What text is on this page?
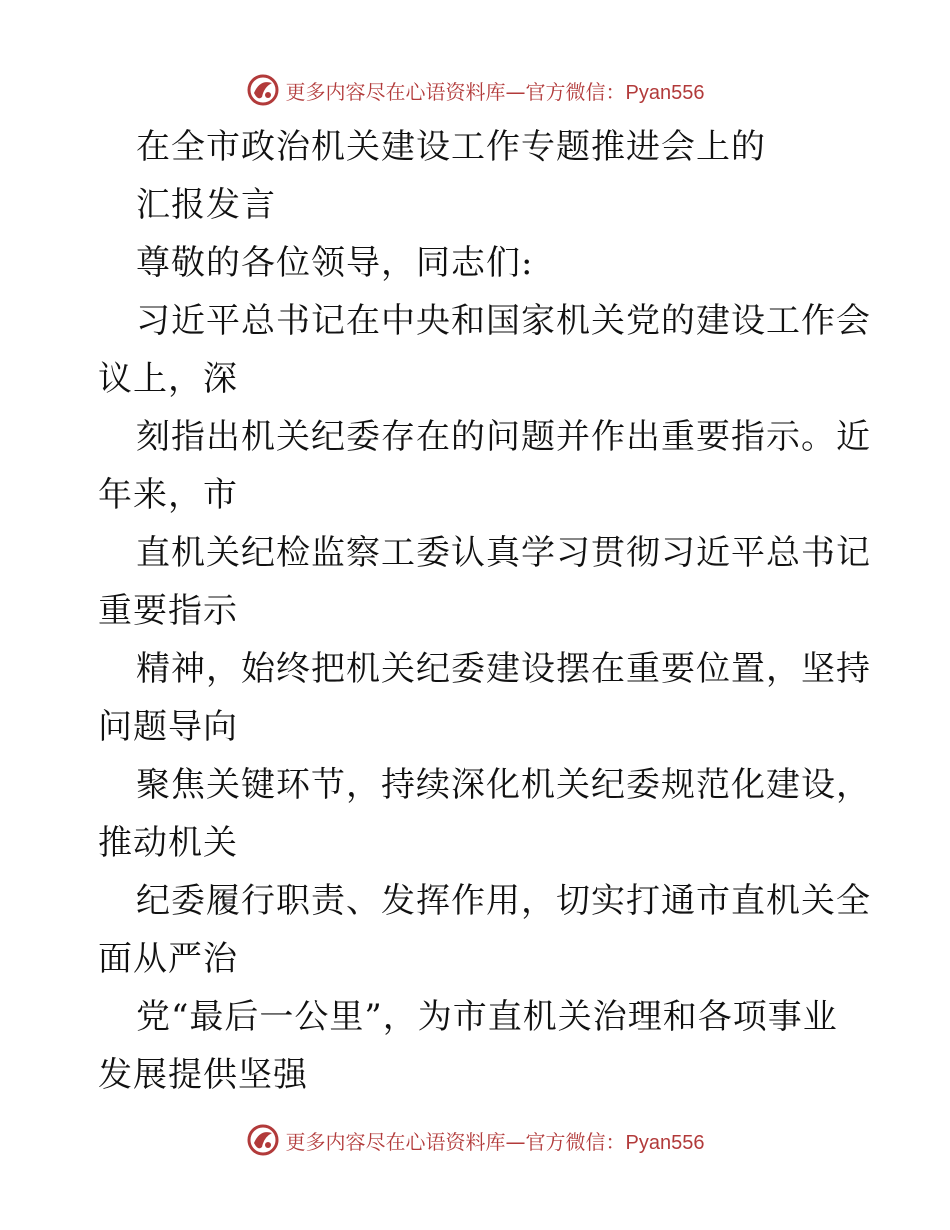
更多内容尽在心语资料库—官方微信：Pyan556
在全市政治机关建设工作专题推进会上的
汇报发言
尊敬的各位领导，同志们:
习近平总书记在中央和国家机关党的建设工作会
议上，深
刻指出机关纪委存在的问题并作出重要指示。近
年来，市
直机关纪检监察工委认真学习贯彻习近平总书记
重要指示
精神，始终把机关纪委建设摆在重要位置，坚持
问题导向
聚焦关键环节，持续深化机关纪委规范化建设，
推动机关
纪委履行职责、发挥作用，切实打通市直机关全
面从严治
党“最后一公里”，为市直机关治理和各项事业
发展提供坚强
更多内容尽在心语资料库—官方微信：Pyan556
